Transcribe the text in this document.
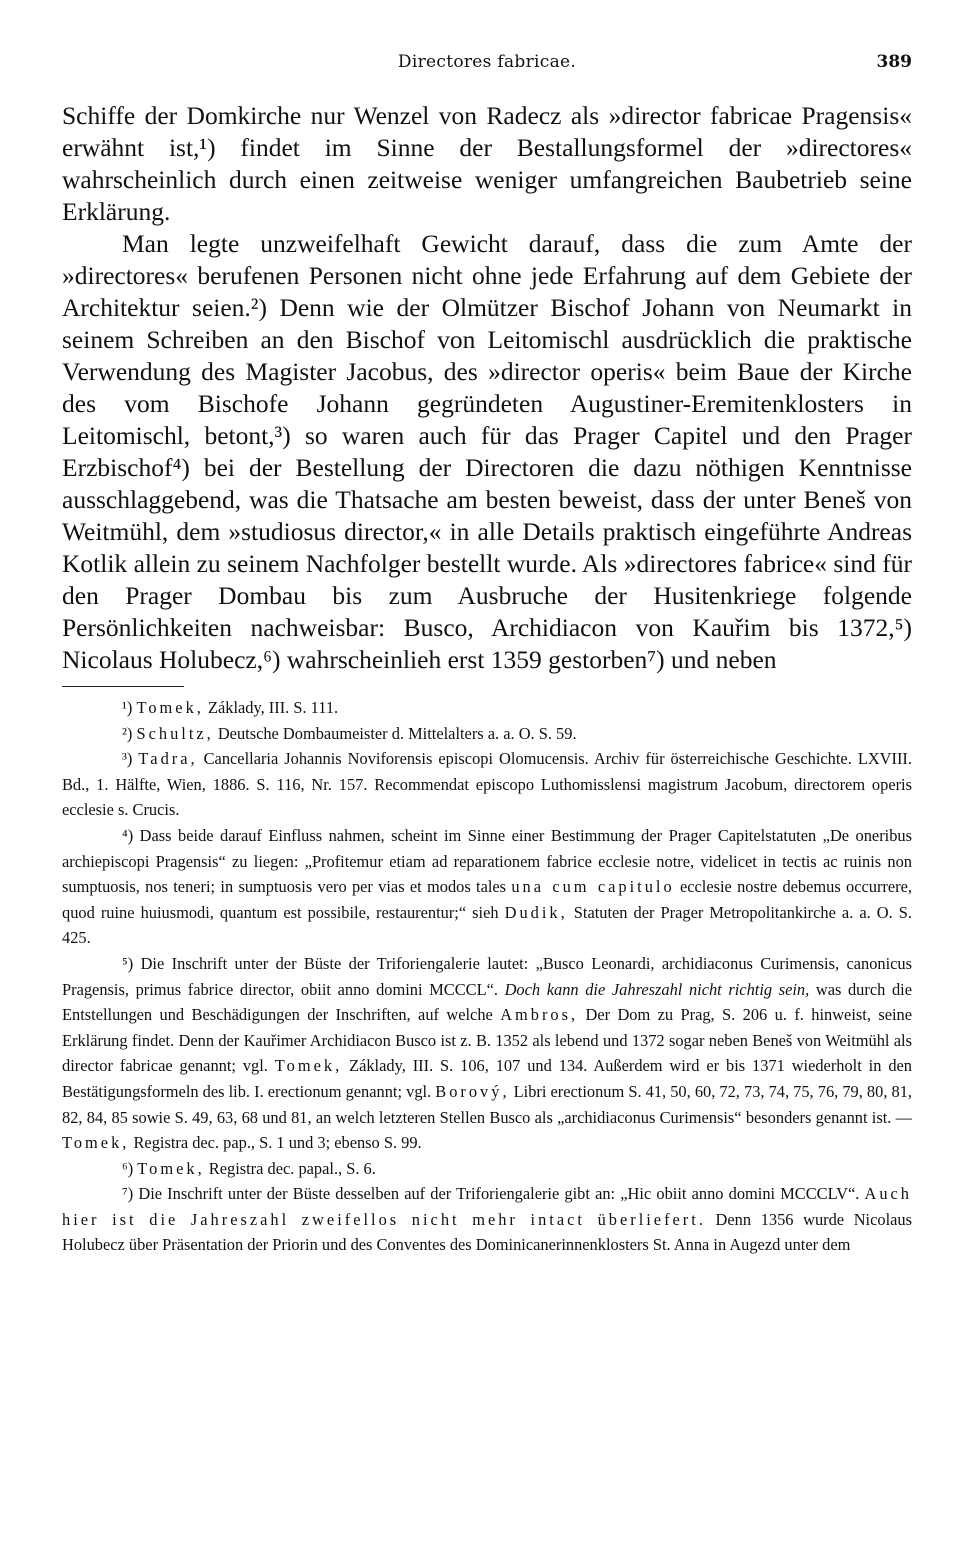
Directores fabricae.	389

Schiffe der Domkirche nur Wenzel von Radecz als »director fabricae Pragensis« erwähnt ist,¹) findet im Sinne der Bestallungsformel der »directores« wahrscheinlich durch einen zeitweise weniger umfangreichen Baubetrieb seine Erklärung.

Man legte unzweifelhaft Gewicht darauf, dass die zum Amte der »directores« berufenen Personen nicht ohne jede Erfahrung auf dem Gebiete der Architektur seien.²) Denn wie der Olmützer Bischof Johann von Neumarkt in seinem Schreiben an den Bischof von Leitomischl ausdrücklich die praktische Verwendung des Magister Jacobus, des »director operis« beim Baue der Kirche des vom Bischofe Johann gegründeten Augustiner-Eremitenklosters in Leitomischl, betont,³) so waren auch für das Prager Capitel und den Prager Erzbischof⁴) bei der Bestellung der Directoren die dazu nöthigen Kenntnisse ausschlaggebend, was die Thatsache am besten beweist, dass der unter Beneš von Weitmühl, dem »studiosus director,« in alle Details praktisch eingeführte Andreas Kotlik allein zu seinem Nachfolger bestellt wurde. Als »directores fabrice« sind für den Prager Dombau bis zum Ausbruche der Husitenkriege folgende Persönlichkeiten nachweisbar: Busco, Archidiacon von Kauřim bis 1372,⁵) Nicolaus Holubecz,⁶) wahrscheinlieh erst 1359 gestorben⁷) und neben

¹) Tomek, Základy, III. S. 111.

²) Schultz, Deutsche Dombaumeister d. Mittelalters a. a. O. S. 59.

³) Tadra, Cancellaria Johannis Noviforensis episcopi Olomucensis. Archiv für österreichische Geschichte. LXVIII. Bd., 1. Hälfte, Wien, 1886. S. 116, Nr. 157. Recommendat episcopo Luthomisslensi magistrum Jacobum, directorem operis ecclesie s. Crucis.

⁴) Dass beide darauf Einfluss nahmen, scheint im Sinne einer Bestimmung der Prager Capitelstatuten „De oneribus archiepiscopi Pragensis“ zu liegen: „Profitemur etiam ad reparationem fabrice ecclesie notre, videlicet in tectis ac ruinis non sumptuosis, nos teneri; in sumptuosis vero per vias et modos tales una cum capitulo ecclesie nostre debemus occurrere, quod ruine huiusmodi, quantum est possibile, restaurentur;“ sieh Dudik, Statuten der Prager Metropolitankirche a. a. O. S. 425.

⁵) Die Inschrift unter der Büste der Triforiengalerie lautet: „Busco Leonardi, archidiaconus Curimensis, canonicus Pragensis, primus fabrice director, obiit anno domini MCCCL“. Doch kann die Jahreszahl nicht richtig sein, was durch die Entstellungen und Beschädigungen der Inschriften, auf welche Ambros, Der Dom zu Prag, S. 206 u. f. hinweist, seine Erklärung findet. Denn der Kauřimer Archidiacon Busco ist z. B. 1352 als lebend und 1372 sogar neben Beneš von Weitmühl als director fabricae genannt; vgl. Tomek, Základy, III. S. 106, 107 und 134. Außerdem wird er bis 1371 wiederholt in den Bestätigungsformeln des lib. I. erectionum genannt; vgl. Borový, Libri erectionum S. 41, 50, 60, 72, 73, 74, 75, 76, 79, 80, 81, 82, 84, 85 sowie S. 49, 63, 68 und 81, an welch letzteren Stellen Busco als „archidiaconus Curimensis“ besonders genannt ist. — Tomek, Registra dec. pap., S. 1 und 3; ebenso S. 99.

⁶) Tomek, Registra dec. papal., S. 6.

⁷) Die Inschrift unter der Büste desselben auf der Triforiengalerie gibt an: „Hic obiit anno domini MCCCLV“. Auch hier ist die Jahreszahl zweifellos nicht mehr intact überliefert. Denn 1356 wurde Nicolaus Holubecz über Präsentation der Priorin und des Conventes des Dominicanerinnenklosters St. Anna in Augezd unter dem
